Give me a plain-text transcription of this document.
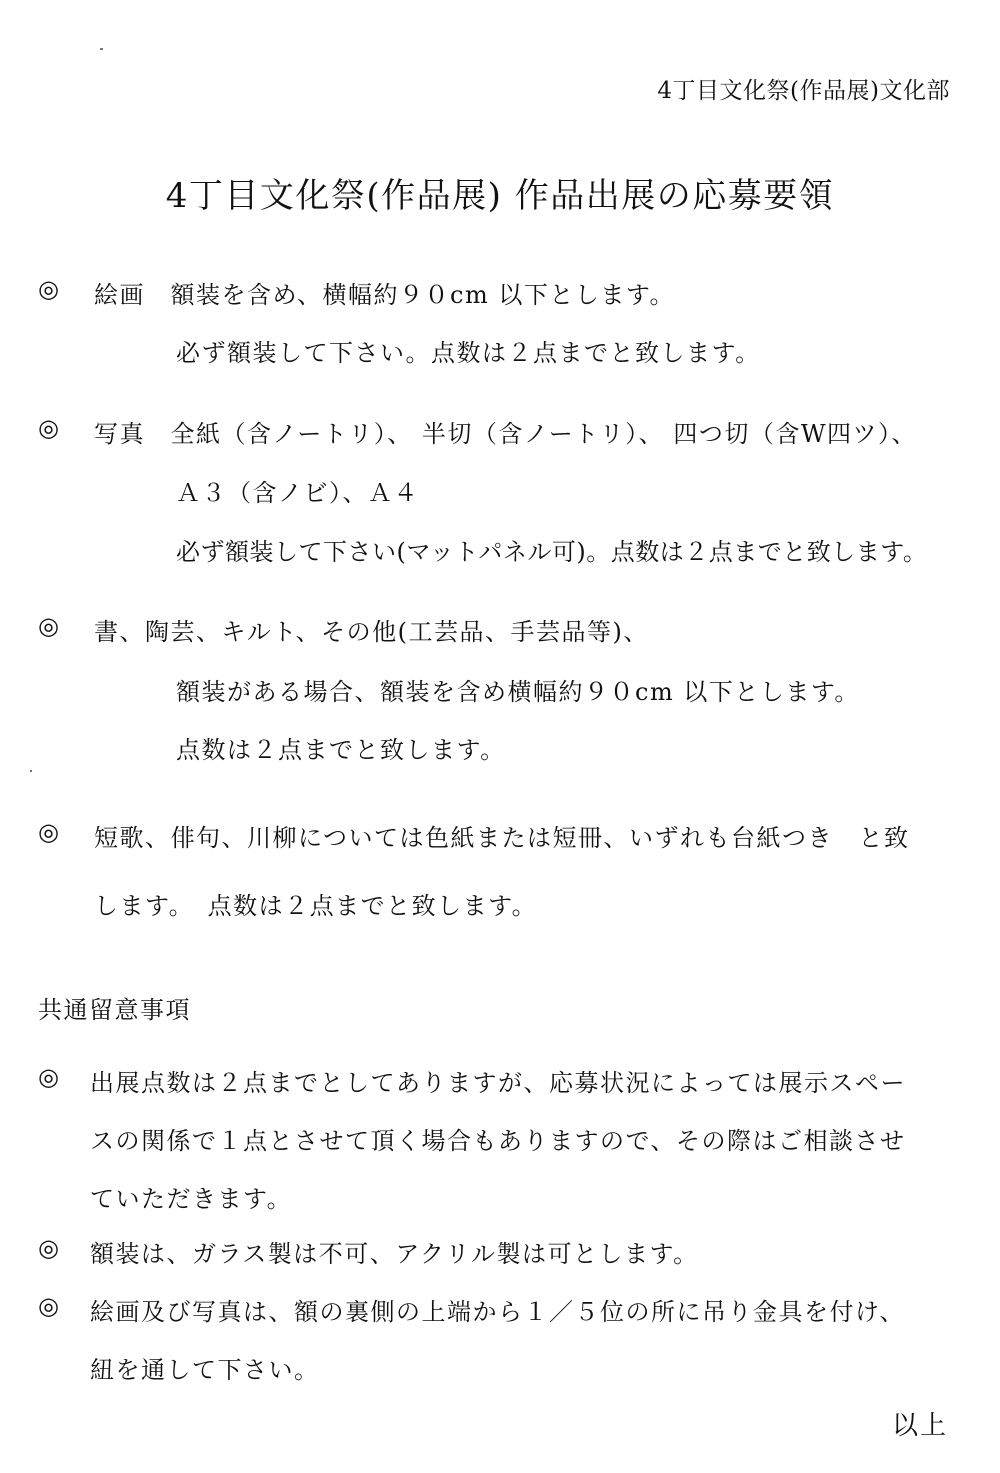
4丁目文化祭(作品展)文化部
4丁目文化祭(作品展) 作品出展の応募要領
◎ 絵画　額装を含め、横幅約９０cm 以下とします。
必ず額装して下さい。点数は２点までと致します。
◎ 写真　全紙（含ノートリ）、 半切（含ノートリ）、 四つ切（含W四ツ）、
Ａ３（含ノビ）、Ａ４
必ず額装して下さい(マットパネル可)。点数は２点までと致します。
◎ 書、陶芸、キルト、その他(工芸品、手芸品等)、
額装がある場合、額装を含め横幅約９０cm 以下とします。
点数は２点までと致します。
◎ 短歌、俳句、川柳については色紙または短冊、いずれも台紙つき　と致
します。　点数は２点までと致します。
共通留意事項
◎ 出展点数は２点までとしてありますが、応募状況によっては展示スペー
スの関係で１点とさせて頂く場合もありますので、その際はご相談させ
ていただきます。
◎ 額装は、ガラス製は不可、アクリル製は可とします。
◎ 絵画及び写真は、額の裏側の上端から１／５位の所に吊り金具を付け、
紐を通して下さい。
以上
